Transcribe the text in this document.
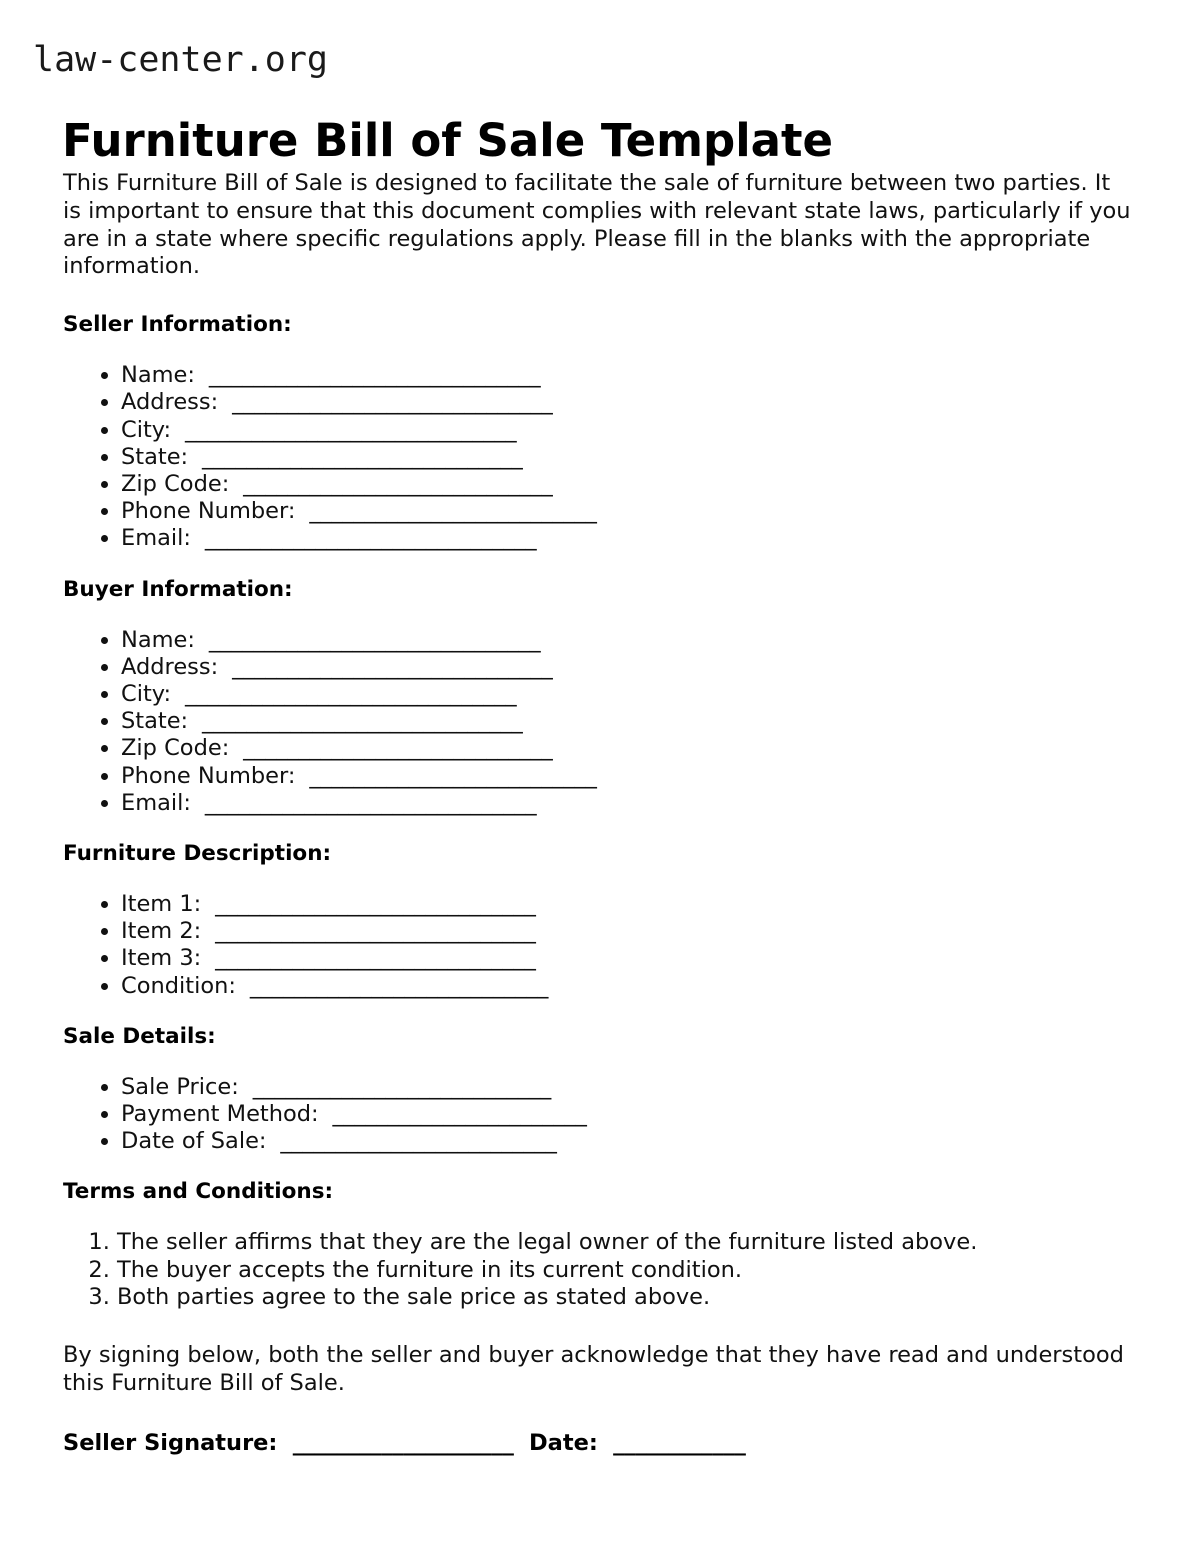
law-center.org
Furniture Bill of Sale Template

This Furniture Bill of Sale is designed to facilitate the sale of furniture between two parties. It is important to ensure that this document complies with relevant state laws, particularly if you are in a state where specific regulations apply. Please fill in the blanks with the appropriate information.

Seller Information:
• Name:  ______________________________
• Address:  _____________________________
• City:  ______________________________
• State:  _____________________________
• Zip Code:  ____________________________
• Phone Number:  __________________________
• Email:  ______________________________
Buyer Information:
• Name:  ______________________________
• Address:  _____________________________
• City:  ______________________________
• State:  _____________________________
• Zip Code:  ____________________________
• Phone Number:  __________________________
• Email:  ______________________________
Furniture Description:
• Item 1:  _____________________________
• Item 2:  _____________________________
• Item 3:  _____________________________
• Condition:  ___________________________
Sale Details:
• Sale Price:  ___________________________
• Payment Method:  _______________________
• Date of Sale:  _________________________
Terms and Conditions:
1. The seller affirms that they are the legal owner of the furniture listed above.
2. The buyer accepts the furniture in its current condition.
3. Both parties agree to the sale price as stated above.

By signing below, both the seller and buyer acknowledge that they have read and understood this Furniture Bill of Sale.

Seller Signature:  ____________________  Date:  ____________
